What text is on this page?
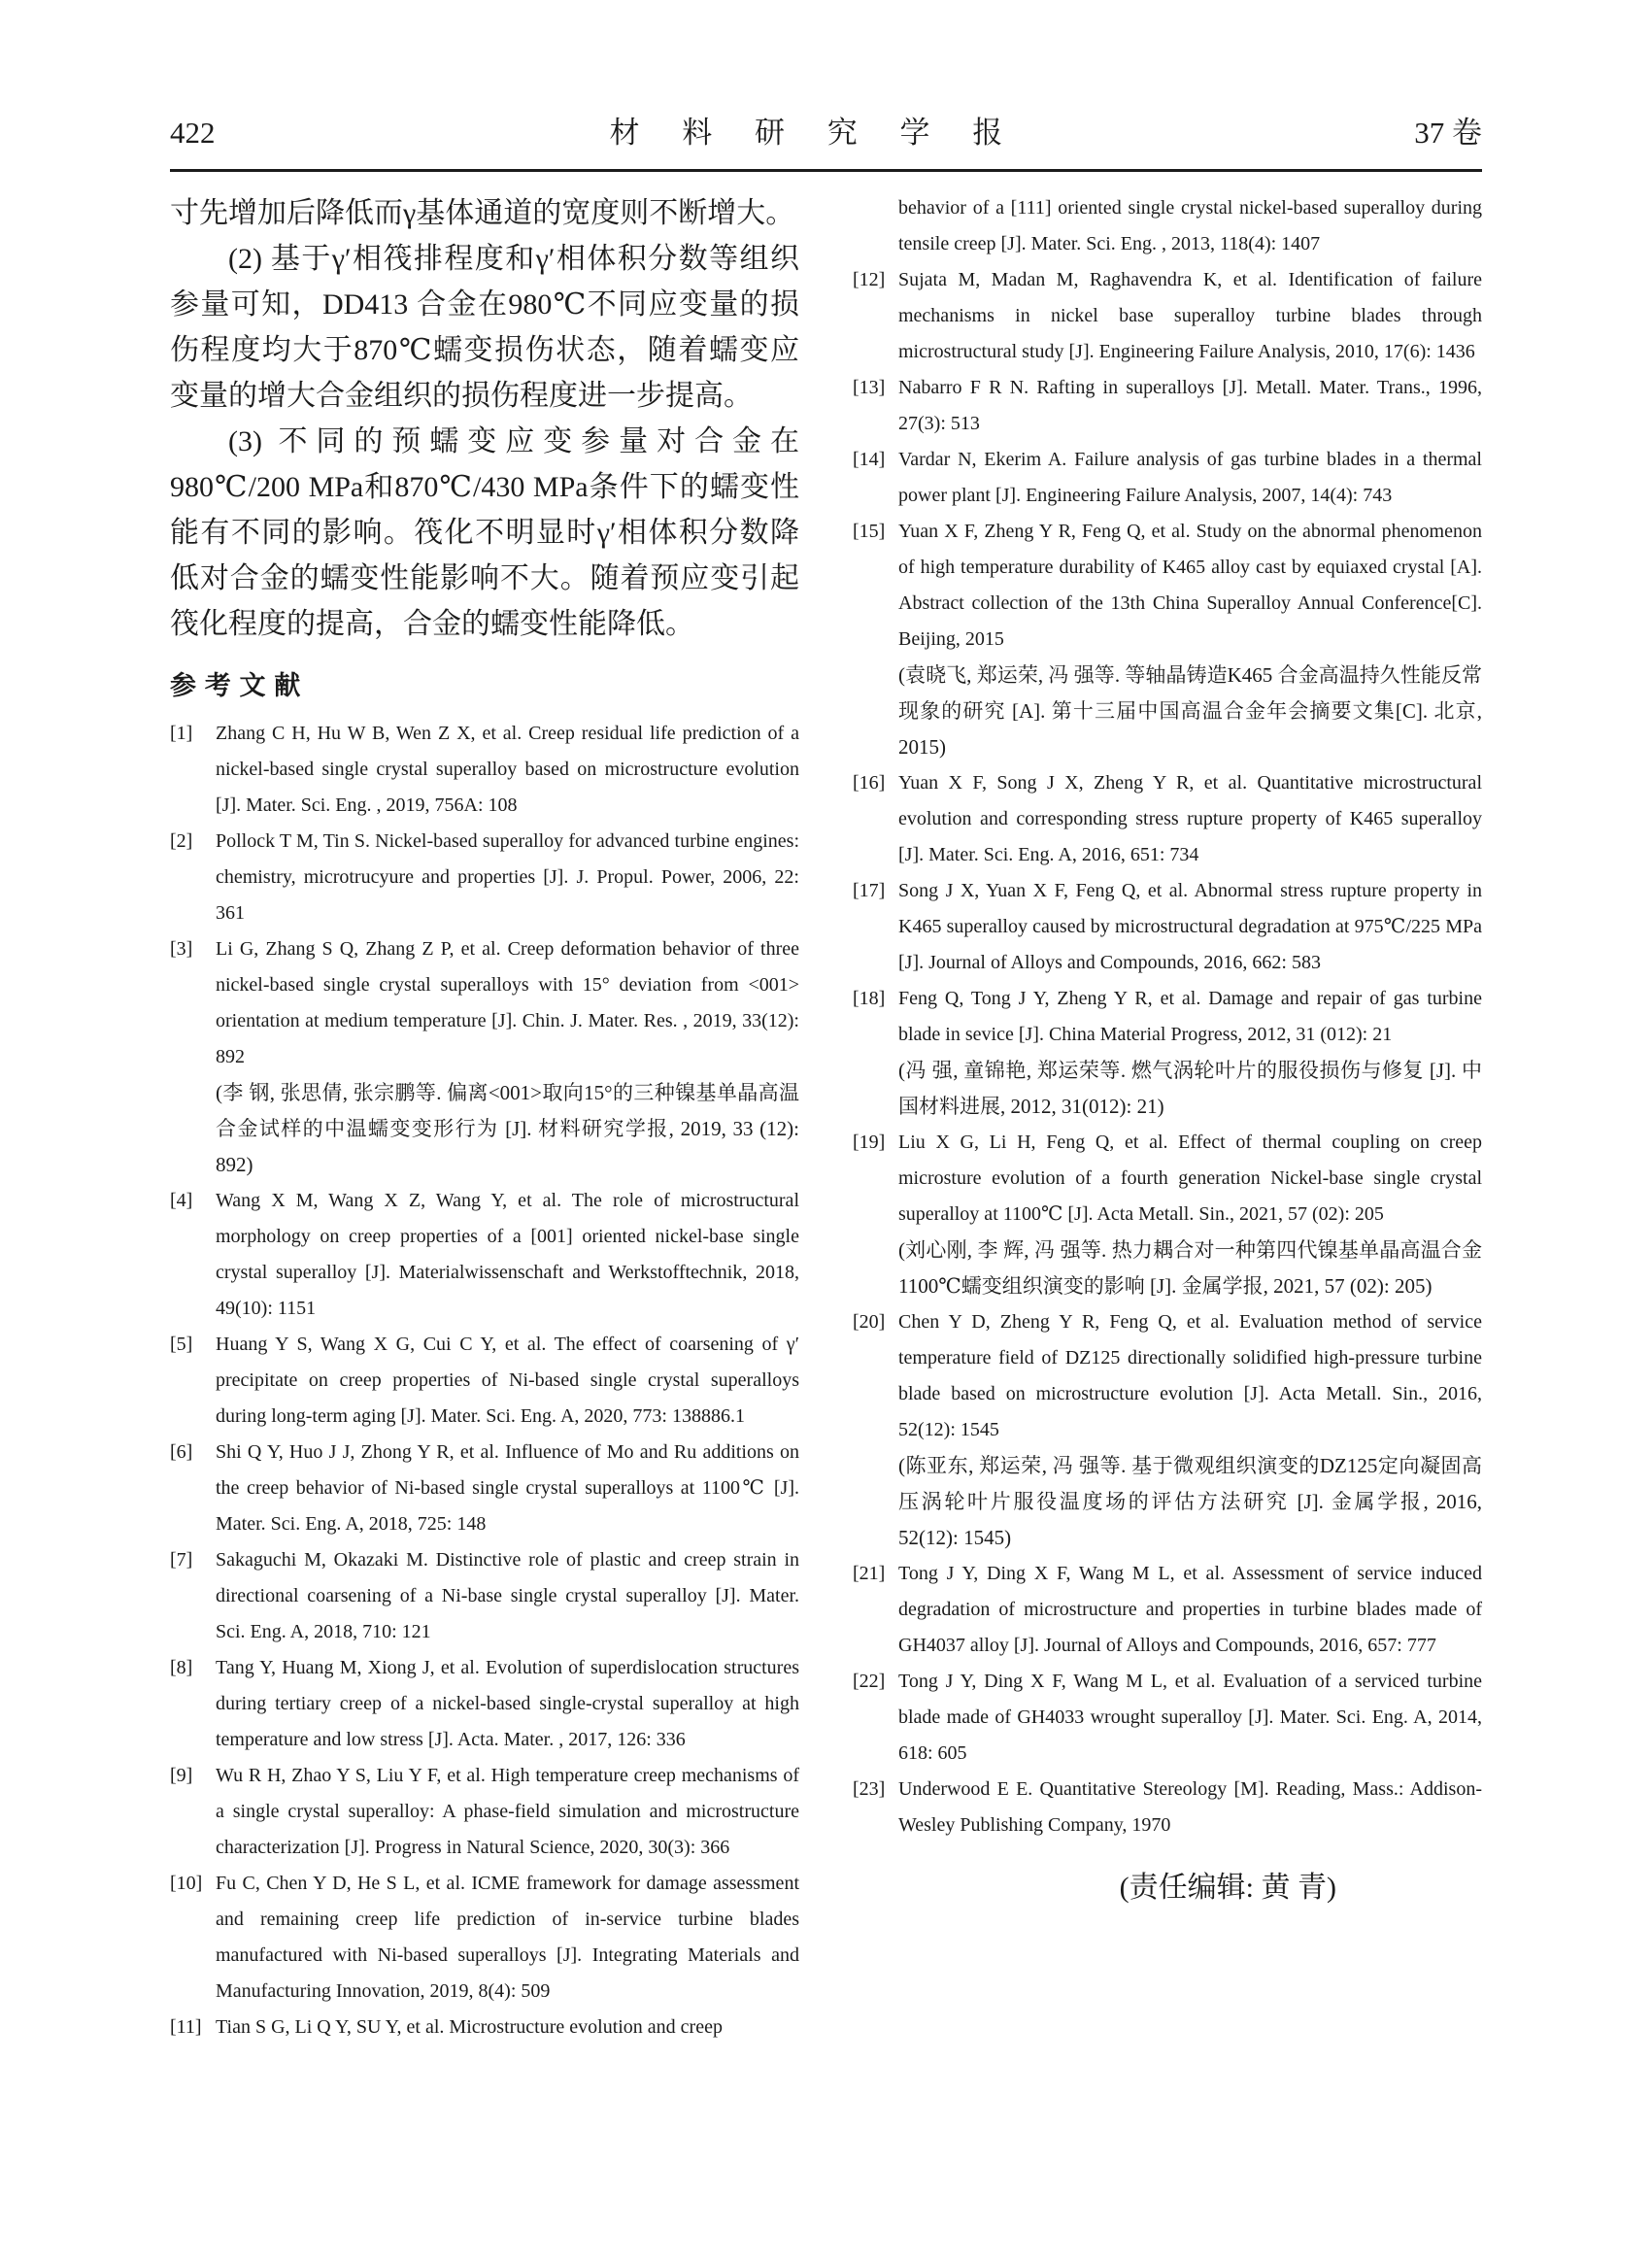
422	材 料 研 究 学 报	37 卷

寸先增加后降低而γ基体通道的宽度则不断增大。

(2) 基于γ′相筏排程度和γ′相体积分数等组织参量可知，DD413 合金在980℃不同应变量的损伤程度均大于870℃蠕变损伤状态，随着蠕变应变量的增大合金组织的损伤程度进一步提高。

(3) 不同的预蠕变应变参量对合金在980℃/200 MPa和870℃/430 MPa条件下的蠕变性能有不同的影响。筏化不明显时γ′相体积分数降低对合金的蠕变性能影响不大。随着预应变引起筏化程度的提高，合金的蠕变性能降低。

参 考 文 献
[1] Zhang C H, Hu W B, Wen Z X, et al. Creep residual life prediction of a nickel-based single crystal superalloy based on microstructure evolution [J]. Mater. Sci. Eng. , 2019, 756A: 108
[2] Pollock T M, Tin S. Nickel-based superalloy for advanced turbine engines: chemistry, microtrucyure and properties [J]. J. Propul. Power, 2006, 22: 361
[3] Li G, Zhang S Q, Zhang Z P, et al. Creep deformation behavior of three nickel-based single crystal superalloys with 15° deviation from <001> orientation at medium temperature [J]. Chin. J. Mater. Res. , 2019, 33(12): 892
(李 钢, 张思倩, 张宗鹏等. 偏离<001>取向15°的三种镍基单晶高温合金试样的中温蠕变变形行为 [J]. 材料研究学报, 2019, 33 (12): 892)
[4] Wang X M, Wang X Z, Wang Y, et al. The role of microstructural morphology on creep properties of a [001] oriented nickel-base single crystal superalloy [J]. Materialwissenschaft and Werkstofftechnik, 2018, 49(10): 1151
[5] Huang Y S, Wang X G, Cui C Y, et al. The effect of coarsening of γ′ precipitate on creep properties of Ni-based single crystal superalloys during long-term aging [J]. Mater. Sci. Eng. A, 2020, 773: 138886.1
[6] Shi Q Y, Huo J J, Zhong Y R, et al. Influence of Mo and Ru additions on the creep behavior of Ni-based single crystal superalloys at 1100℃ [J]. Mater. Sci. Eng. A, 2018, 725: 148
[7] Sakaguchi M, Okazaki M. Distinctive role of plastic and creep strain in directional coarsening of a Ni-base single crystal superalloy [J]. Mater. Sci. Eng. A, 2018, 710: 121
[8] Tang Y, Huang M, Xiong J, et al. Evolution of superdislocation structures during tertiary creep of a nickel-based single-crystal superalloy at high temperature and low stress [J]. Acta. Mater. , 2017, 126: 336
[9] Wu R H, Zhao Y S, Liu Y F, et al. High temperature creep mechanisms of a single crystal superalloy: A phase-field simulation and microstructure characterization [J]. Progress in Natural Science, 2020, 30(3): 366
[10] Fu C, Chen Y D, He S L, et al. ICME framework for damage assessment and remaining creep life prediction of in-service turbine blades manufactured with Ni-based superalloys [J]. Integrating Materials and Manufacturing Innovation, 2019, 8(4): 509
[11] Tian S G, Li Q Y, SU Y, et al. Microstructure evolution and creep
behavior of a [111] oriented single crystal nickel-based superalloy during tensile creep [J]. Mater. Sci. Eng. , 2013, 118(4): 1407
[12] Sujata M, Madan M, Raghavendra K, et al. Identification of failure mechanisms in nickel base superalloy turbine blades through microstructural study [J]. Engineering Failure Analysis, 2010, 17(6): 1436
[13] Nabarro F R N. Rafting in superalloys [J]. Metall. Mater. Trans., 1996, 27(3): 513
[14] Vardar N, Ekerim A. Failure analysis of gas turbine blades in a thermal power plant [J]. Engineering Failure Analysis, 2007, 14(4): 743
[15] Yuan X F, Zheng Y R, Feng Q, et al. Study on the abnormal phenomenon of high temperature durability of K465 alloy cast by equiaxed crystal [A]. Abstract collection of the 13th China Superalloy Annual Conference[C]. Beijing, 2015
(袁晓飞, 郑运荣, 冯 强等. 等轴晶铸造K465 合金高温持久性能反常现象的研究 [A]. 第十三届中国高温合金年会摘要文集[C]. 北京, 2015)
[16] Yuan X F, Song J X, Zheng Y R, et al. Quantitative microstructural evolution and corresponding stress rupture property of K465 superalloy [J]. Mater. Sci. Eng. A, 2016, 651: 734
[17] Song J X, Yuan X F, Feng Q, et al. Abnormal stress rupture property in K465 superalloy caused by microstructural degradation at 975℃/225 MPa [J]. Journal of Alloys and Compounds, 2016, 662: 583
[18] Feng Q, Tong J Y, Zheng Y R, et al. Damage and repair of gas turbine blade in sevice [J]. China Material Progress, 2012, 31 (012): 21
(冯 强, 童锦艳, 郑运荣等. 燃气涡轮叶片的服役损伤与修复 [J]. 中国材料进展, 2012, 31(012): 21)
[19] Liu X G, Li H, Feng Q, et al. Effect of thermal coupling on creep microsture evolution of a fourth generation Nickel-base single crystal superalloy at 1100℃ [J]. Acta Metall. Sin., 2021, 57 (02): 205
(刘心刚, 李 辉, 冯 强等. 热力耦合对一种第四代镍基单晶高温合金 1100℃蠕变组织演变的影响 [J]. 金属学报, 2021, 57 (02): 205)
[20] Chen Y D, Zheng Y R, Feng Q, et al. Evaluation method of service temperature field of DZ125 directionally solidified high-pressure turbine blade based on microstructure evolution [J]. Acta Metall. Sin., 2016, 52(12): 1545
(陈亚东, 郑运荣, 冯 强等. 基于微观组织演变的DZ125定向凝固高压涡轮叶片服役温度场的评估方法研究 [J]. 金属学报, 2016, 52(12): 1545)
[21] Tong J Y, Ding X F, Wang M L, et al. Assessment of service induced degradation of microstructure and properties in turbine blades made of GH4037 alloy [J]. Journal of Alloys and Compounds, 2016, 657: 777
[22] Tong J Y, Ding X F, Wang M L, et al. Evaluation of a serviced turbine blade made of GH4033 wrought superalloy [J]. Mater. Sci. Eng. A, 2014, 618: 605
[23] Underwood E E. Quantitative Stereology [M]. Reading, Mass.: Addison-Wesley Publishing Company, 1970
(责任编辑: 黄 青)
